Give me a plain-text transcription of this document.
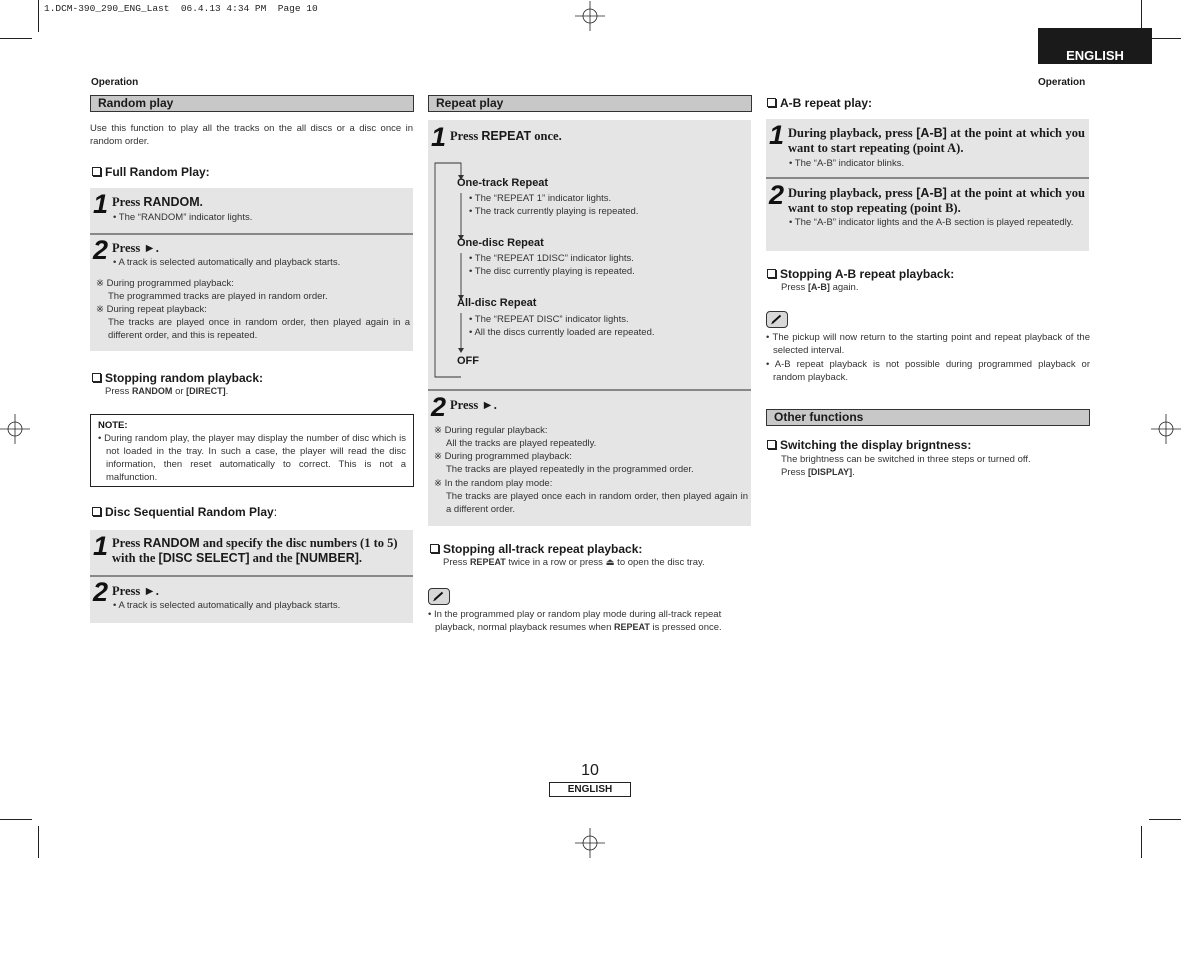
1.DCM-390_290_ENG_Last  06.4.13 4:34 PM  Page 10
ENGLISH
Operation	Operation
Random play
Use this function to play all the tracks on the all discs or a disc once in random order.
Full Random Play:
1 Press RANDOM.
• The “RANDOM” indicator lights.
2 Press ►.
• A track is selected automatically and playback starts.
※ During programmed playback:
The programmed tracks are played in random order.
※ During repeat playback:
The tracks are played once in random order, then played again in a different order, and this is repeated.
Stopping random playback:
Press RANDOM or [DIRECT].
NOTE:
• During random play, the player may display the number of disc which is not loaded in the tray. In such a case, the player will read the disc information, then reset automatically to correct. This is not a malfunction.
Disc Sequential Random Play:
1 Press RANDOM and specify the disc numbers (1 to 5) with the [DISC SELECT] and the [NUMBER].
2 Press ►.
• A track is selected automatically and playback starts.
Repeat play
1 Press REPEAT once.
One-track Repeat
• The “REPEAT 1” indicator lights.
• The track currently playing is repeated.
One-disc Repeat
• The “REPEAT 1DISC” indicator lights.
• The disc currently playing is repeated.
All-disc Repeat
• The “REPEAT DISC” indicator lights.
• All the discs currently loaded are repeated.
OFF
2 Press ►.
※ During regular playback:
All the tracks are played repeatedly.
※ During programmed playback:
The tracks are played repeatedly in the programmed order.
※ In the random play mode:
The tracks are played once each in random order, then played again in a different order.
Stopping all-track repeat playback:
Press REPEAT twice in a row or press ⏏ to open the disc tray.
• In the programmed play or random play mode during all-track repeat playback, normal playback resumes when REPEAT is pressed once.
A-B repeat play:
1 During playback, press [A-B] at the point at which you want to start repeating (point A).
• The “A-B” indicator blinks.
2 During playback, press [A-B] at the point at which you want to stop repeating (point B).
• The “A-B” indicator lights and the A-B section is played repeatedly.
Stopping A-B repeat playback:
Press [A-B] again.
• The pickup will now return to the starting point and repeat playback of the selected interval.
• A-B repeat playback is not possible during programmed playback or random playback.
Other functions
Switching the display brigntness:
The brightness can be switched in three steps or turned off.
Press [DISPLAY].
10
ENGLISH
